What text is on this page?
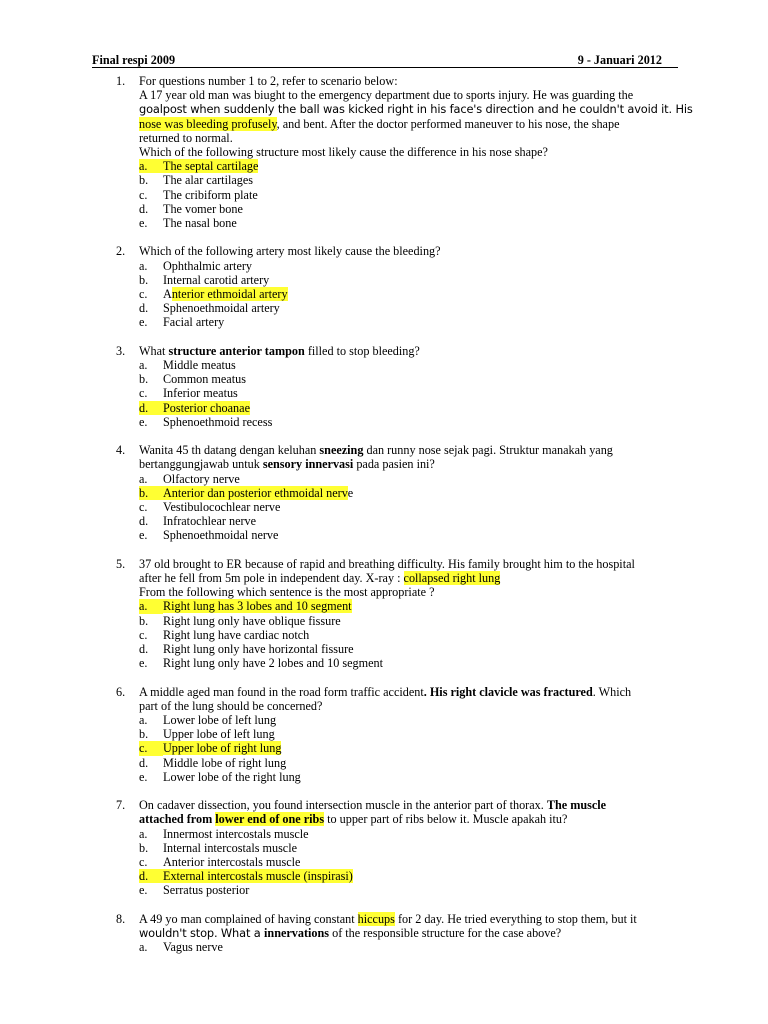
Final respi 2009	9 - Januari 2012
1.	For questions number 1 to 2, refer to scenario below:
A 17 year old man was biught to the emergency department due to sports injury. He was guarding the
goalpost when suddenly the ball was kicked right in his face's direction and he couldn't avoid it. His
nose was bleeding profusely, and bent. After the doctor performed maneuver to his nose, the shape
returned to normal.
Which of the following structure most likely cause the difference in his nose shape?
a. The septal cartilage
b. The alar cartilages
c. The cribiform plate
d. The vomer bone
e. The nasal bone
2.	Which of the following artery most likely cause the bleeding?
a. Ophthalmic artery
b. Internal carotid artery
c. Anterior ethmoidal artery
d. Sphenoethmoidal artery
e. Facial artery
3.	What structure anterior tampon filled to stop bleeding?
a. Middle meatus
b. Common meatus
c. Inferior meatus
d. Posterior choanae
e. Sphenoethmoid recess
4.	Wanita 45 th datang dengan keluhan sneezing dan runny nose sejak pagi. Struktur manakah yang
bertanggungjawab untuk sensory innervasi pada pasien ini?
a. Olfactory nerve
b. Anterior dan posterior ethmoidal nerve
c. Vestibulocochlear nerve
d. Infratochlear nerve
e. Sphenoethmoidal nerve
5.	37 old brought to ER because of rapid and breathing difficulty. His family brought him to the hospital
after he fell from 5m pole in independent day. X-ray : collapsed right lung
From the following which sentence is the most appropriate ?
a. Right lung has 3 lobes and 10 segment
b. Right lung only have oblique fissure
c. Right lung have cardiac notch
d. Right lung only have horizontal fissure
e. Right lung only have 2 lobes and 10 segment
6.	A middle aged man found in the road form traffic accident. His right clavicle was fractured. Which
part of the lung should be concerned?
a. Lower lobe of left lung
b. Upper lobe of left lung
c. Upper lobe of right lung
d. Middle lobe of right lung
e. Lower lobe of the right lung
7.	On cadaver dissection, you found intersection muscle in the anterior part of thorax. The muscle
attached from lower end of one ribs to upper part of ribs below it. Muscle apakah itu?
a. Innermost intercostals muscle
b. Internal intercostals muscle
c. Anterior intercostals muscle
d. External intercostals muscle (inspirasi)
e. Serratus posterior
8.	A 49 yo man complained of having constant hiccups for 2 day. He tried everything to stop them, but it
wouldn't stop. What a innervations of the responsible structure for the case above?
a. Vagus nerve
